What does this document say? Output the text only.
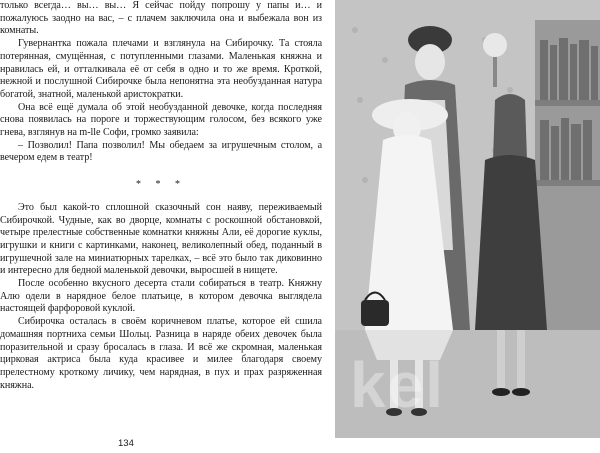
только всегда… вы… вы… Я сейчас пойду попрошу у папы и… и пожалуюсь заодно на вас, – с плачем заключила она и выбежала вон из комнаты.

Гувернантка пожала плечами и взглянула на Сибирочку. Та стояла потерянная, смущённая, с потупленными глазами. Маленькая княжна и нравилась ей, и отталкивала её от себя в одно и то же время. Кроткой, нежной и послушной Сибирочке была непонятна эта необузданная натура богатой, знатной, маленькой аристократки.

Она всё ещё думала об этой необузданной девочке, когда последняя снова появилась на пороге и торжествующим голосом, без всякого уже гнева, взглянув на m-lle Софи, громко заявила:

– Позволил! Папа позволил! Мы обедаем за игрушечным столом, а вечером едем в театр!

* * *

Это был какой-то сплошной сказочный сон наяву, переживаемый Сибирочкой. Чудные, как во дворце, комнаты с роскошной обстановкой, четыре прелестные собственные комнатки княжны Али, её дорогие куклы, игрушки и книги с картинками, наконец, великолепный обед, поданный в игрушечной зале на миниатюрных тарелках, – всё это было так диковинно и интересно для бедной маленькой девочки, выросшей в нищете.

После особенно вкусного десерта стали собираться в театр. Княжну Алю одели в нарядное белое платьице, в котором девочка выглядела настоящей фарфоровой куклой.

Сибирочка осталась в своём коричневом платье, которое ей сшила домашняя портниха семьи Шольц. Разница в наряде обеих девочек была поразительной и сразу бросалась в глаза. И всё же скромная, маленькая цирковая актриса была куда красивее и милее благодаря своему прелестному кроткому личику, чем нарядная, в пух и прах разряженная княжна.

134
kel
